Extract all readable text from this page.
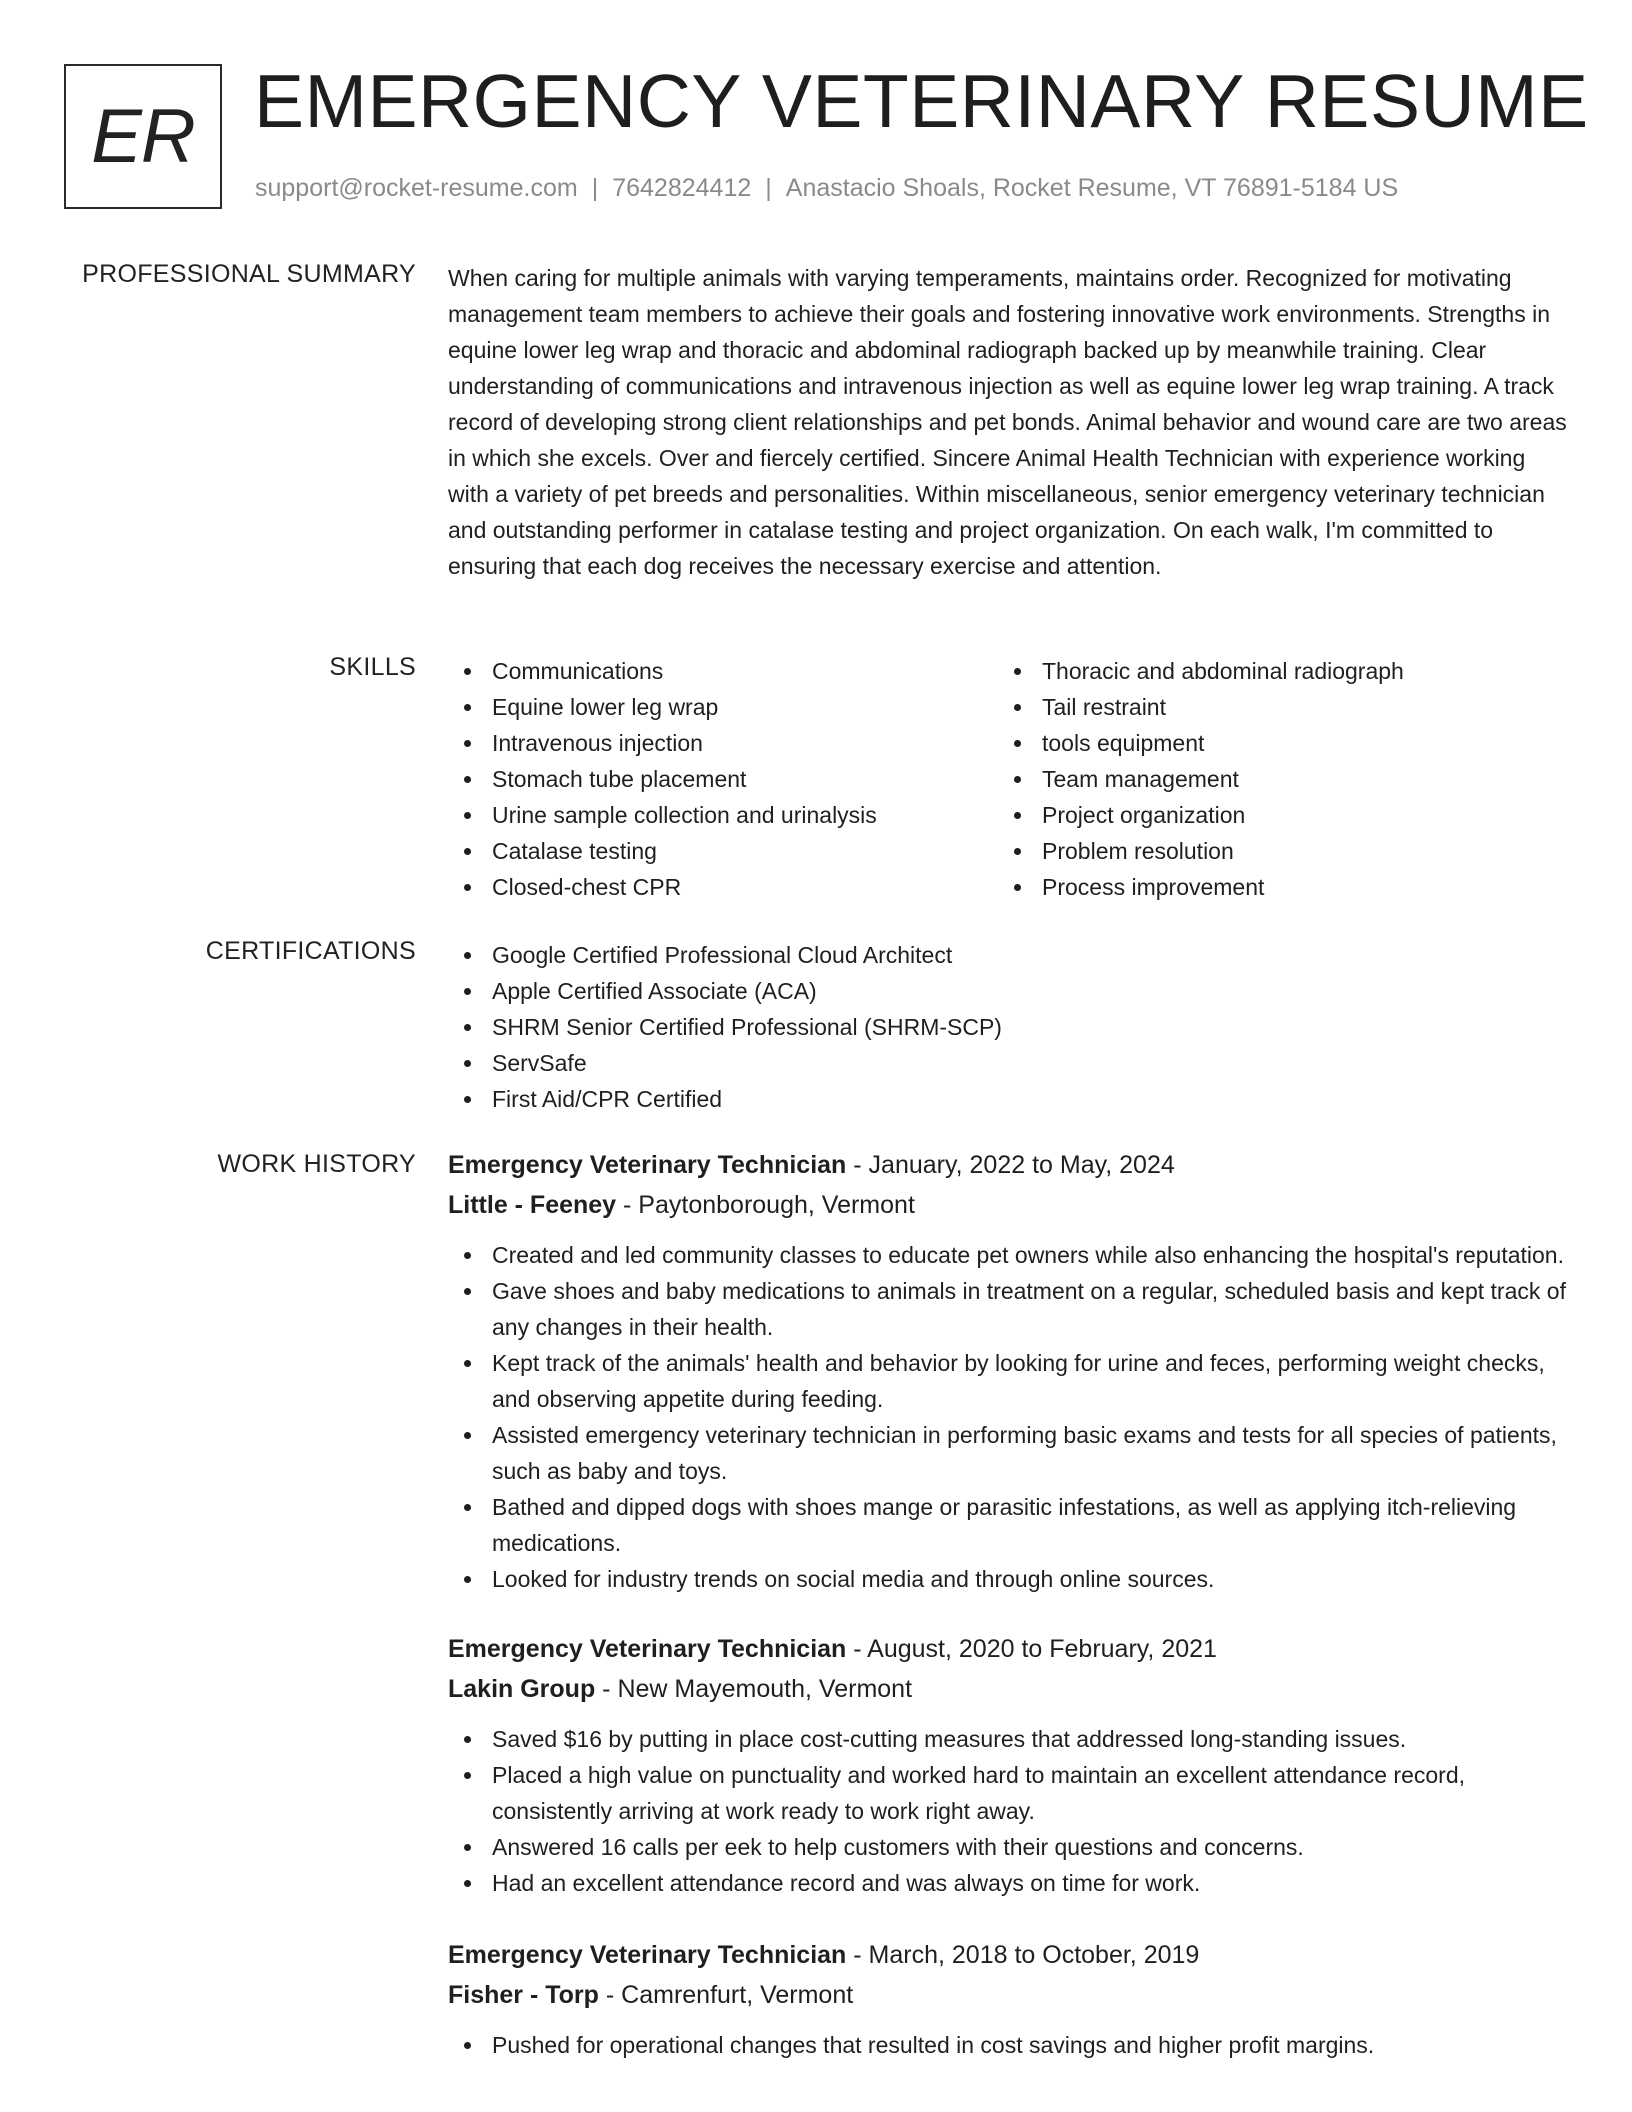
ER EMERGENCY VETERINARY RESUME
support@rocket-resume.com | 7642824412 | Anastacio Shoals, Rocket Resume, VT 76891-5184 US
PROFESSIONAL SUMMARY When caring for multiple animals with varying temperaments, maintains order. Recognized for motivating management team members to achieve their goals and fostering innovative work environments. Strengths in equine lower leg wrap and thoracic and abdominal radiograph backed up by meanwhile training. Clear understanding of communications and intravenous injection as well as equine lower leg wrap training. A track record of developing strong client relationships and pet bonds. Animal behavior and wound care are two areas in which she excels. Over and fiercely certified. Sincere Animal Health Technician with experience working with a variety of pet breeds and personalities. Within miscellaneous, senior emergency veterinary technician and outstanding performer in catalase testing and project organization. On each walk, I'm committed to ensuring that each dog receives the necessary exercise and attention.
SKILLS	Communications
Equine lower leg wrap
Intravenous injection
Stomach tube placement
Urine sample collection and urinalysis
Catalase testing
Closed-chest CPR
Thoracic and abdominal radiograph
Tail restraint
tools equipment
Team management
Project organization
Problem resolution
Process improvement
CERTIFICATIONS	Google Certified Professional Cloud Architect
Apple Certified Associate (ACA)
SHRM Senior Certified Professional (SHRM-SCP)
ServSafe
First Aid/CPR Certified
WORK HISTORY Emergency Veterinary Technician - January, 2022 to May, 2024
Little - Feeney - Paytonborough, Vermont
Created and led community classes to educate pet owners while also enhancing the hospital's reputation.
Gave shoes and baby medications to animals in treatment on a regular, scheduled basis and kept track of any changes in their health.
Kept track of the animals' health and behavior by looking for urine and feces, performing weight checks, and observing appetite during feeding.
Assisted emergency veterinary technician in performing basic exams and tests for all species of patients, such as baby and toys.
Bathed and dipped dogs with shoes mange or parasitic infestations, as well as applying itch-relieving medications.
Looked for industry trends on social media and through online sources.
Emergency Veterinary Technician - August, 2020 to February, 2021
Lakin Group - New Mayemouth, Vermont
Saved $16 by putting in place cost-cutting measures that addressed long-standing issues.
Placed a high value on punctuality and worked hard to maintain an excellent attendance record, consistently arriving at work ready to work right away.
Answered 16 calls per eek to help customers with their questions and concerns.
Had an excellent attendance record and was always on time for work.
Emergency Veterinary Technician - March, 2018 to October, 2019
Fisher - Torp - Camrenfurt, Vermont
Pushed for operational changes that resulted in cost savings and higher profit margins.
